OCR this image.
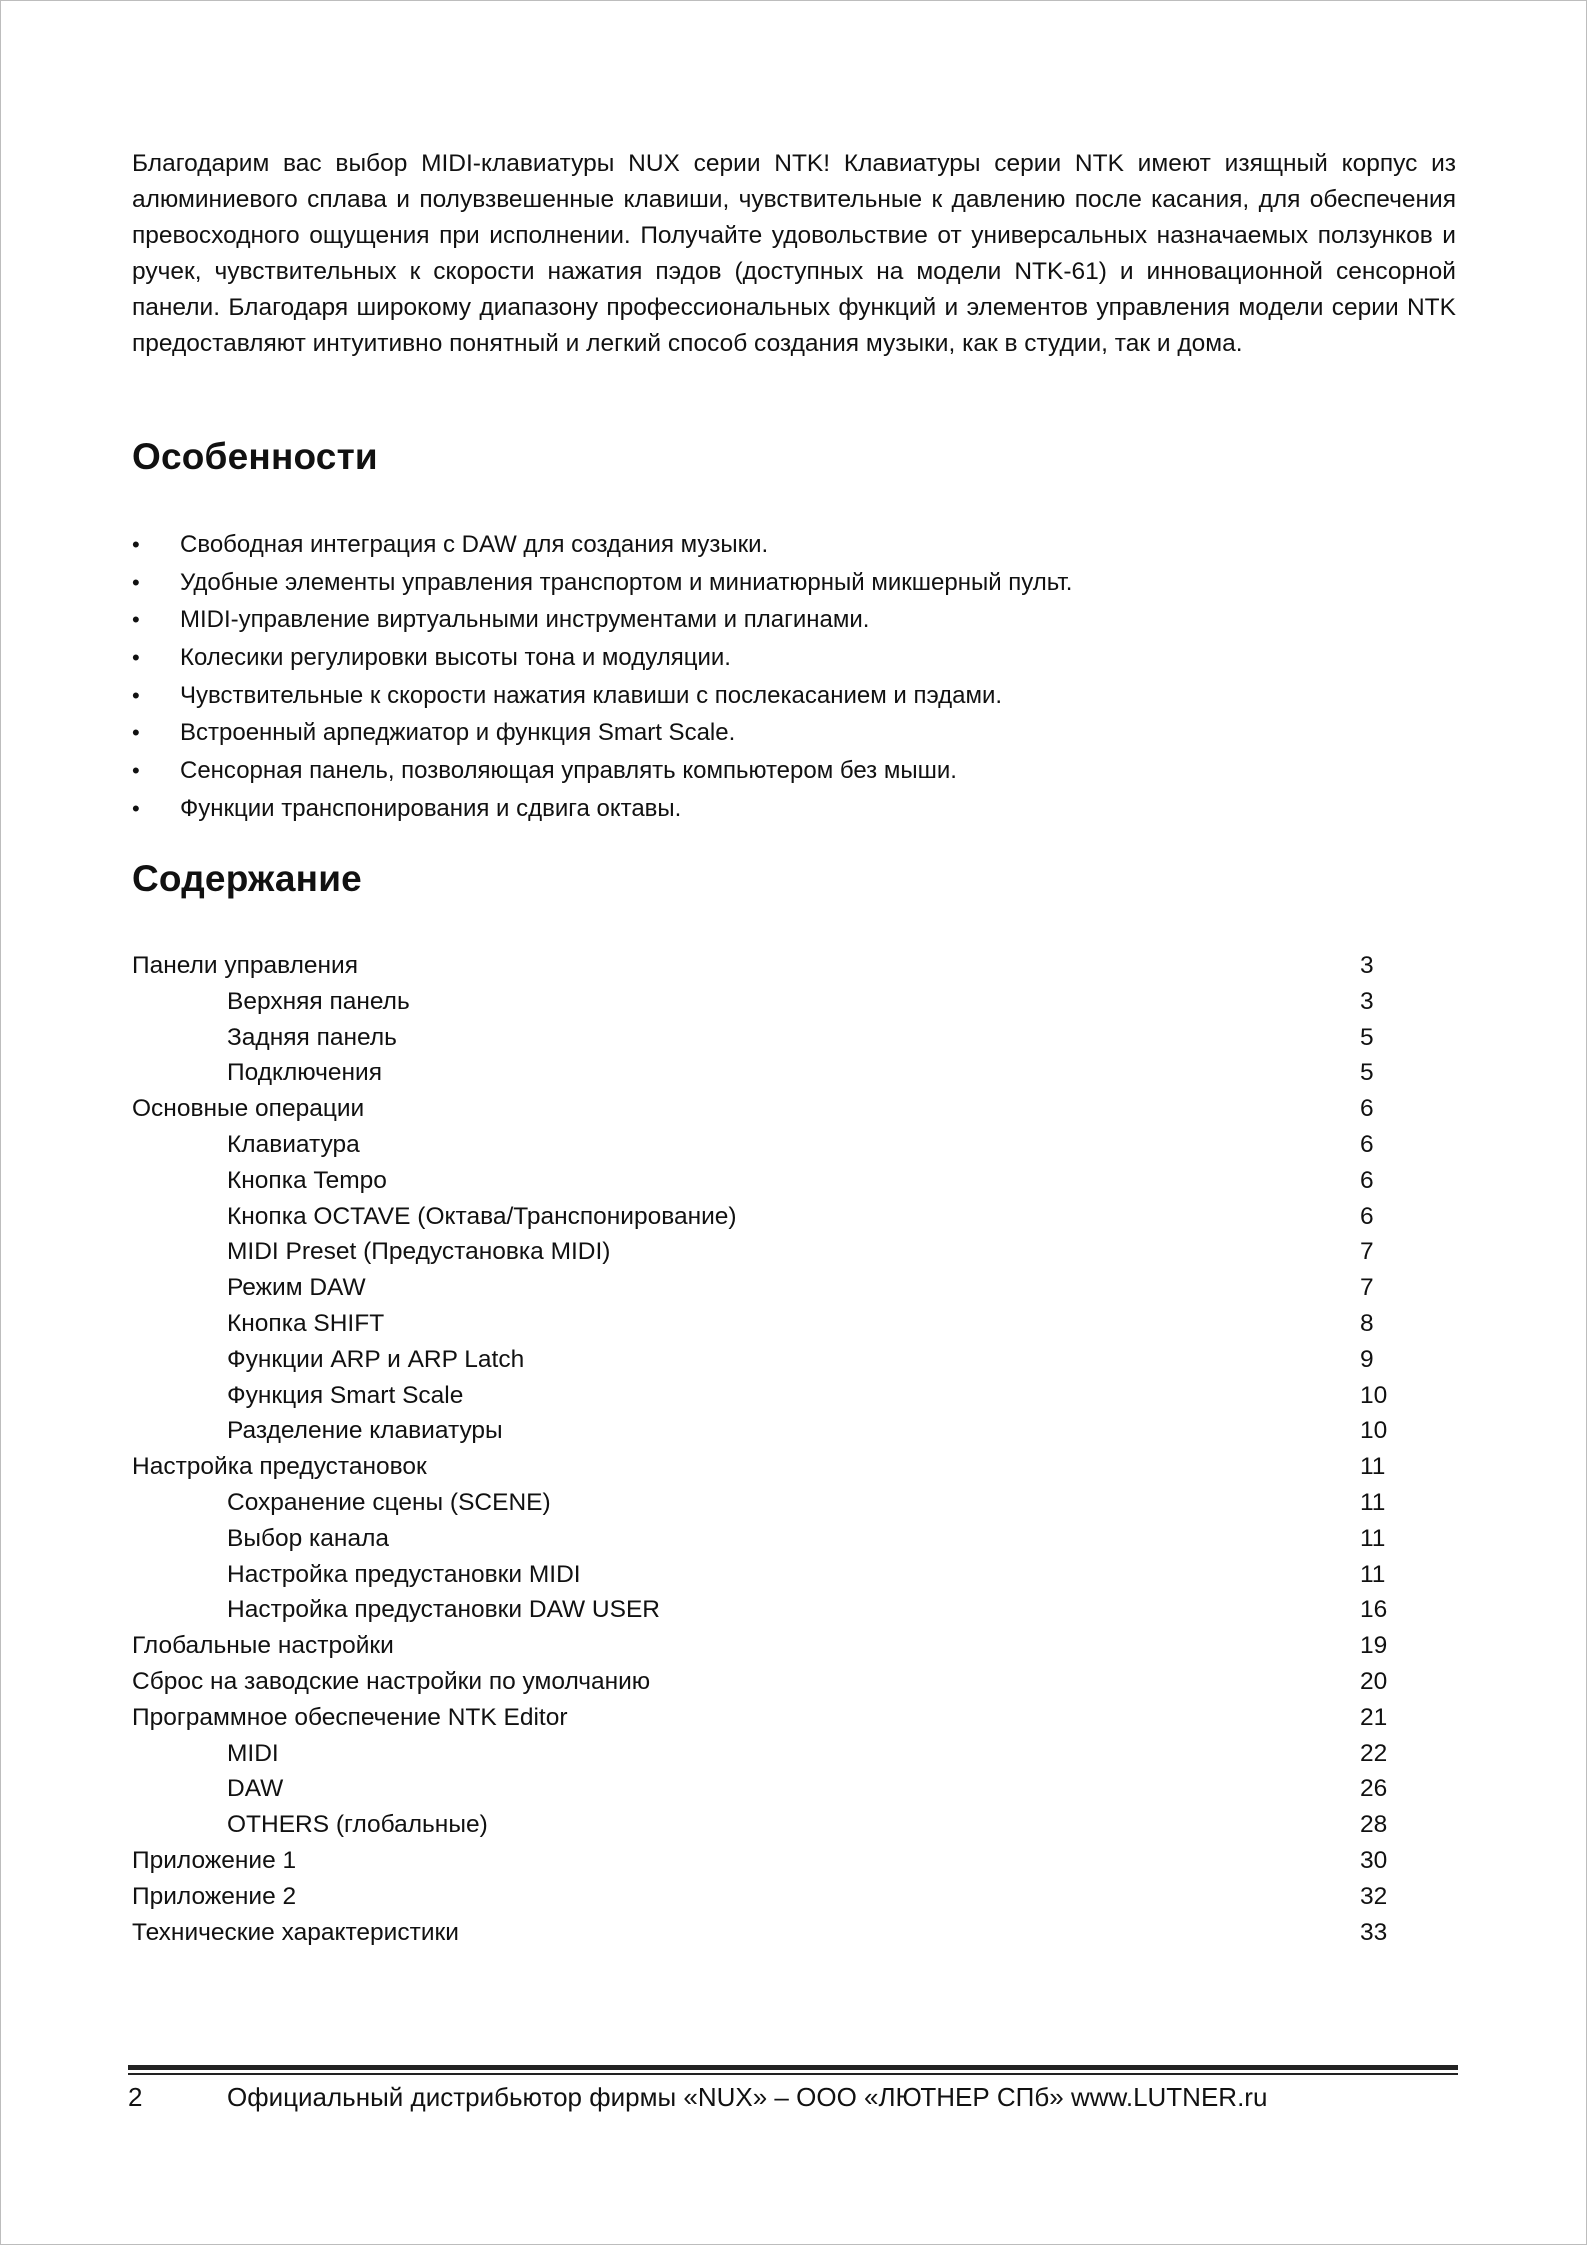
Благодарим вас выбор MIDI-клавиатуры NUX серии NTK! Клавиатуры серии NTK имеют изящный корпус из алюминиевого сплава и полувзвешенные клавиши, чувствительные к давлению после касания, для обеспечения превосходного ощущения при исполнении. Получайте удовольствие от универсальных назначаемых ползунков и ручек, чувствительных к скорости нажатия пэдов (доступных на модели NTK-61) и инновационной сенсорной панели. Благодаря широкому диапазону профессиональных функций и элементов управления модели серии NTK предоставляют интуитивно понятный и легкий способ создания музыки, как в студии, так и дома.

Особенности
• Свободная интеграция с DAW для создания музыки.
• Удобные элементы управления транспортом и миниатюрный микшерный пульт.
• MIDI-управление виртуальными инструментами и плагинами.
• Колесики регулировки высоты тона и модуляции.
• Чувствительные к скорости нажатия клавиши с послекасанием и пэдами.
• Встроенный арпеджиатор и функция Smart Scale.
• Сенсорная панель, позволяющая управлять компьютером без мыши.
• Функции транспонирования и сдвига октавы.
Содержание
Панели управления	3
Верхняя панель	3
Задняя панель	5
Подключения	5
Основные операции	6
Клавиатура	6
Кнопка Tempo	6
Кнопка OCTAVE (Октава/Транспонирование)	6
MIDI Preset (Предустановка MIDI)	7
Режим DAW	7
Кнопка SHIFT	8
Функции ARP и ARP Latch	9
Функция Smart Scale	10
Разделение клавиатуры	10
Настройка предустановок	11
Сохранение сцены (SCENE)	11
Выбор канала	11
Настройка предустановки MIDI	11
Настройка предустановки DAW USER	16
Глобальные настройки	19
Сброс на заводские настройки по умолчанию	20
Программное обеспечение NTK Editor	21
MIDI	22
DAW	26
OTHERS (глобальные)	28
Приложение 1	30
Приложение 2	32
Технические характеристики	33
2	Официальный дистрибьютор фирмы «NUX» – ООО «ЛЮТНЕР СПб» www.LUTNER.ru
